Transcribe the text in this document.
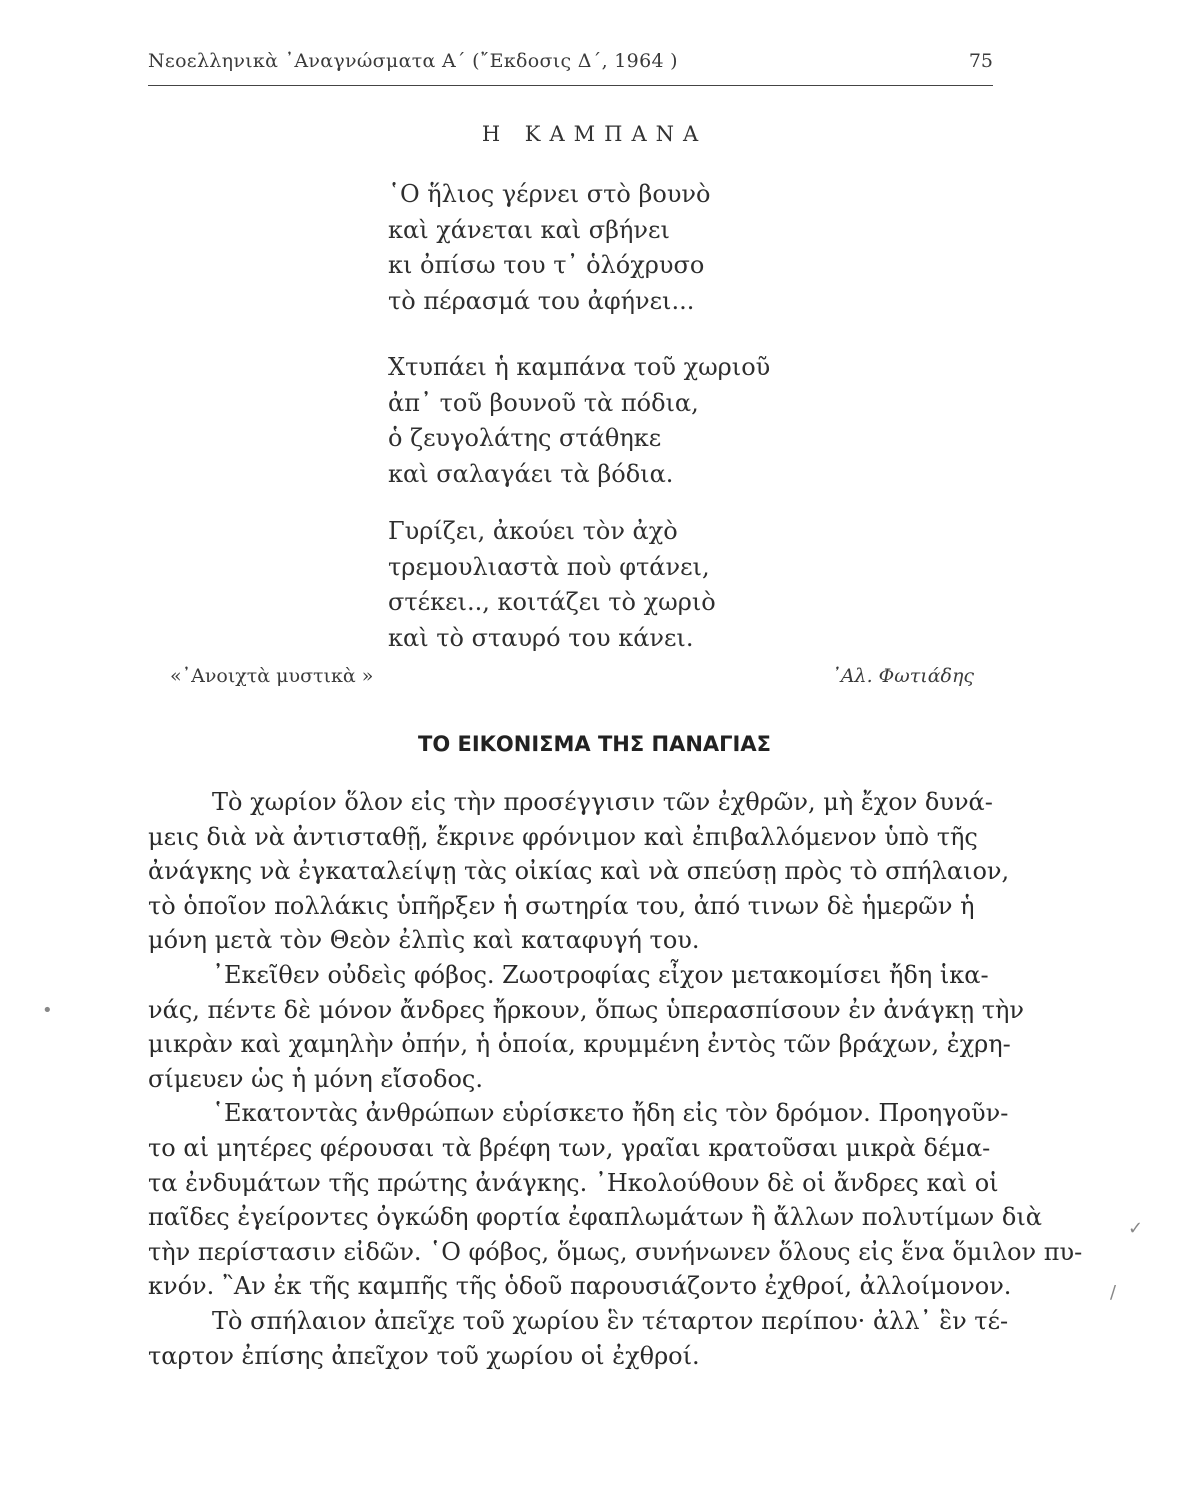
Νεοελληνικὰ ᾿Αναγνώσματα Α΄ (῎Εκδοσις Δ΄, 1964 )	75
Η ΚΑΜΠΑΝΑ
῾Ο ἥλιος γέρνει στὸ βουνὸ
καὶ χάνεται καὶ σβήνει
κι ὀπίσω του τ᾿ ὁλόχρυσο
τὸ πέρασμά του ἀφήνει...
Χτυπάει ἡ καμπάνα τοῦ χωριοῦ
ἀπ᾿ τοῦ βουνοῦ τὰ πόδια,
ὁ ζευγολάτης στάθηκε
καὶ σαλαγάει τὰ βόδια.
Γυρίζει, ἀκούει τὸν ἀχὸ
τρεμουλιαστὰ ποὺ φτάνει,
στέκει.., κοιτάζει τὸ χωριὸ
καὶ τὸ σταυρό του κάνει.
«᾿Ανοιχτὰ μυστικὰ »	᾿Αλ. Φωτιάδης
ΤΟ ΕΙΚΟΝΙΣΜΑ ΤΗΣ ΠΑΝΑΓΙΑΣ
Τὸ χωρίον ὅλον εἰς τὴν προσέγγισιν τῶν ἐχθρῶν, μὴ ἔχον δυνά-
μεις διὰ νὰ ἀντισταθῇ, ἔκρινε φρόνιμον καὶ ἐπιβαλλόμενον ὑπὸ τῆς
ἀνάγκης νὰ ἐγκαταλείψῃ τὰς οἰκίας καὶ νὰ σπεύσῃ πρὸς τὸ σπήλαιον,
τὸ ὁποῖον πολλάκις ὑπῆρξεν ἡ σωτηρία του, ἀπό τινων δὲ ἡμερῶν ἡ
μόνη μετὰ τὸν Θεὸν ἐλπὶς καὶ καταφυγή του.
᾿Εκεῖθεν οὐδεὶς φόβος. Ζωοτροφίας εἶχον μετακομίσει ἤδη ἱκα-
νάς, πέντε δὲ μόνον ἄνδρες ἤρκουν, ὅπως ὑπερασπίσουν ἐν ἀνάγκῃ τὴν
μικρὰν καὶ χαμηλὴν ὀπήν, ἡ ὁποία, κρυμμένη ἐντὸς τῶν βράχων, ἐχρη-
σίμευεν ὡς ἡ μόνη εἴσοδος.
῾Εκατοντὰς ἀνθρώπων εὑρίσκετο ἤδη εἰς τὸν δρόμον. Προηγοῦν-
το αἱ μητέρες φέρουσαι τὰ βρέφη των, γραῖαι κρατοῦσαι μικρὰ δέμα-
τα ἐνδυμάτων τῆς πρώτης ἀνάγκης. ᾿Ηκολούθουν δὲ οἱ ἄνδρες καὶ οἱ
παῖδες ἐγείροντες ὀγκώδη φορτία ἐφαπλωμάτων ἢ ἄλλων πολυτίμων διὰ
τὴν περίστασιν εἰδῶν. ῾Ο φόβος, ὅμως, συνήνωνεν ὅλους εἰς ἕνα ὅμιλον πυ-
κνόν. ῍Αν ἐκ τῆς καμπῆς τῆς ὁδοῦ παρουσιάζοντο ἐχθροί, ἀλλοίμονον.
Τὸ σπήλαιον ἀπεῖχε τοῦ χωρίου ἓν τέταρτον περίπου· ἀλλ᾿ ἓν τέ-
ταρτον ἐπίσης ἀπεῖχον τοῦ χωρίου οἱ ἐχθροί.
•
✓
/
